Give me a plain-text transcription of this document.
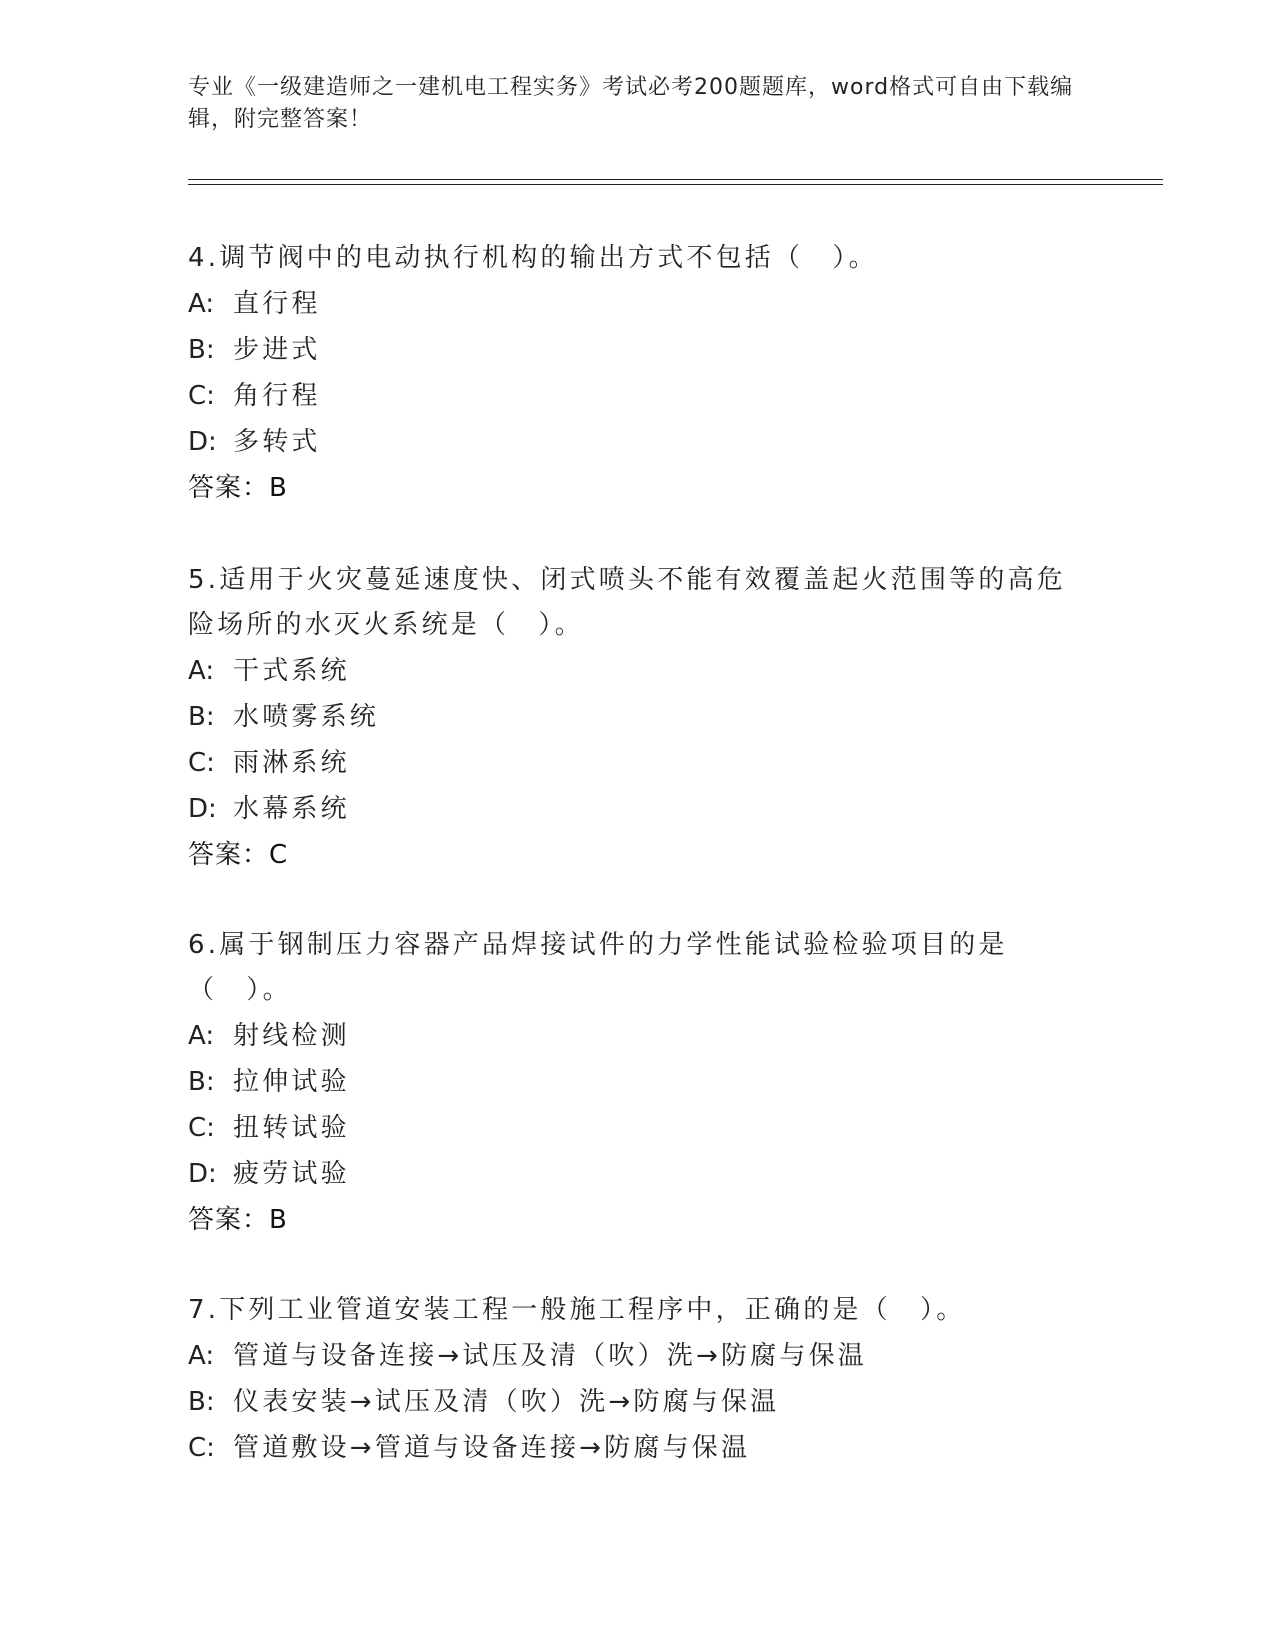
专业《一级建造师之一建机电工程实务》考试必考200题题库，word格式可自由下载编辑，附完整答案！
4.调节阀中的电动执行机构的输出方式不包括（　）。
A: 直行程
B: 步进式
C: 角行程
D: 多转式
答案：B
5.适用于火灾蔓延速度快、闭式喷头不能有效覆盖起火范围等的高危险场所的水灭火系统是（　）。
A: 干式系统
B: 水喷雾系统
C: 雨淋系统
D: 水幕系统
答案：C
6.属于钢制压力容器产品焊接试件的力学性能试验检验项目的是（　）。
A: 射线检测
B: 拉伸试验
C: 扭转试验
D: 疲劳试验
答案：B
7.下列工业管道安装工程一般施工程序中，正确的是（　）。
A: 管道与设备连接→试压及清（吹）洗→防腐与保温
B: 仪表安装→试压及清（吹）洗→防腐与保温
C: 管道敷设→管道与设备连接→防腐与保温
